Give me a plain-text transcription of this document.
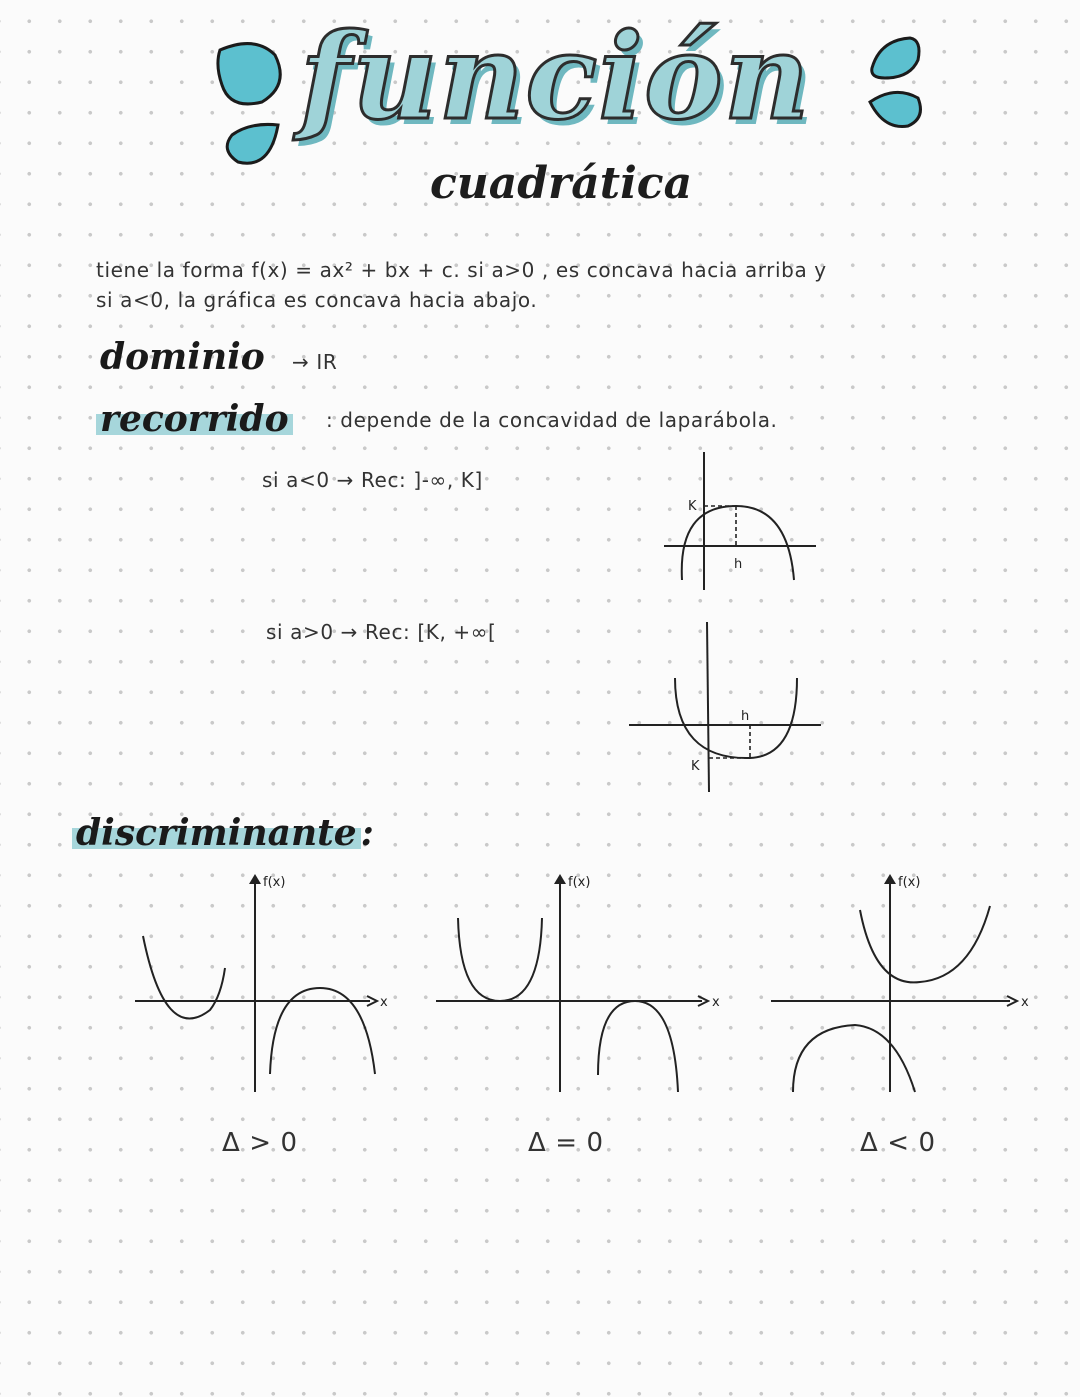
función
cuadrática
tiene la forma f(x) = ax² + bx + c. si a>0 , es concava hacia arriba y
si a<0, la gráfica es concava hacia abajo.
dominio → IR
recorrido : depende de la concavidad de laparábola.
si a<0 → Rec: ]-∞, K]
K
h
si a>0 → Rec: [K, +∞[
h
K
discriminante :
f(x)
x
f(x)
x
f(x)
x
Δ > 0	Δ = 0	Δ < 0
